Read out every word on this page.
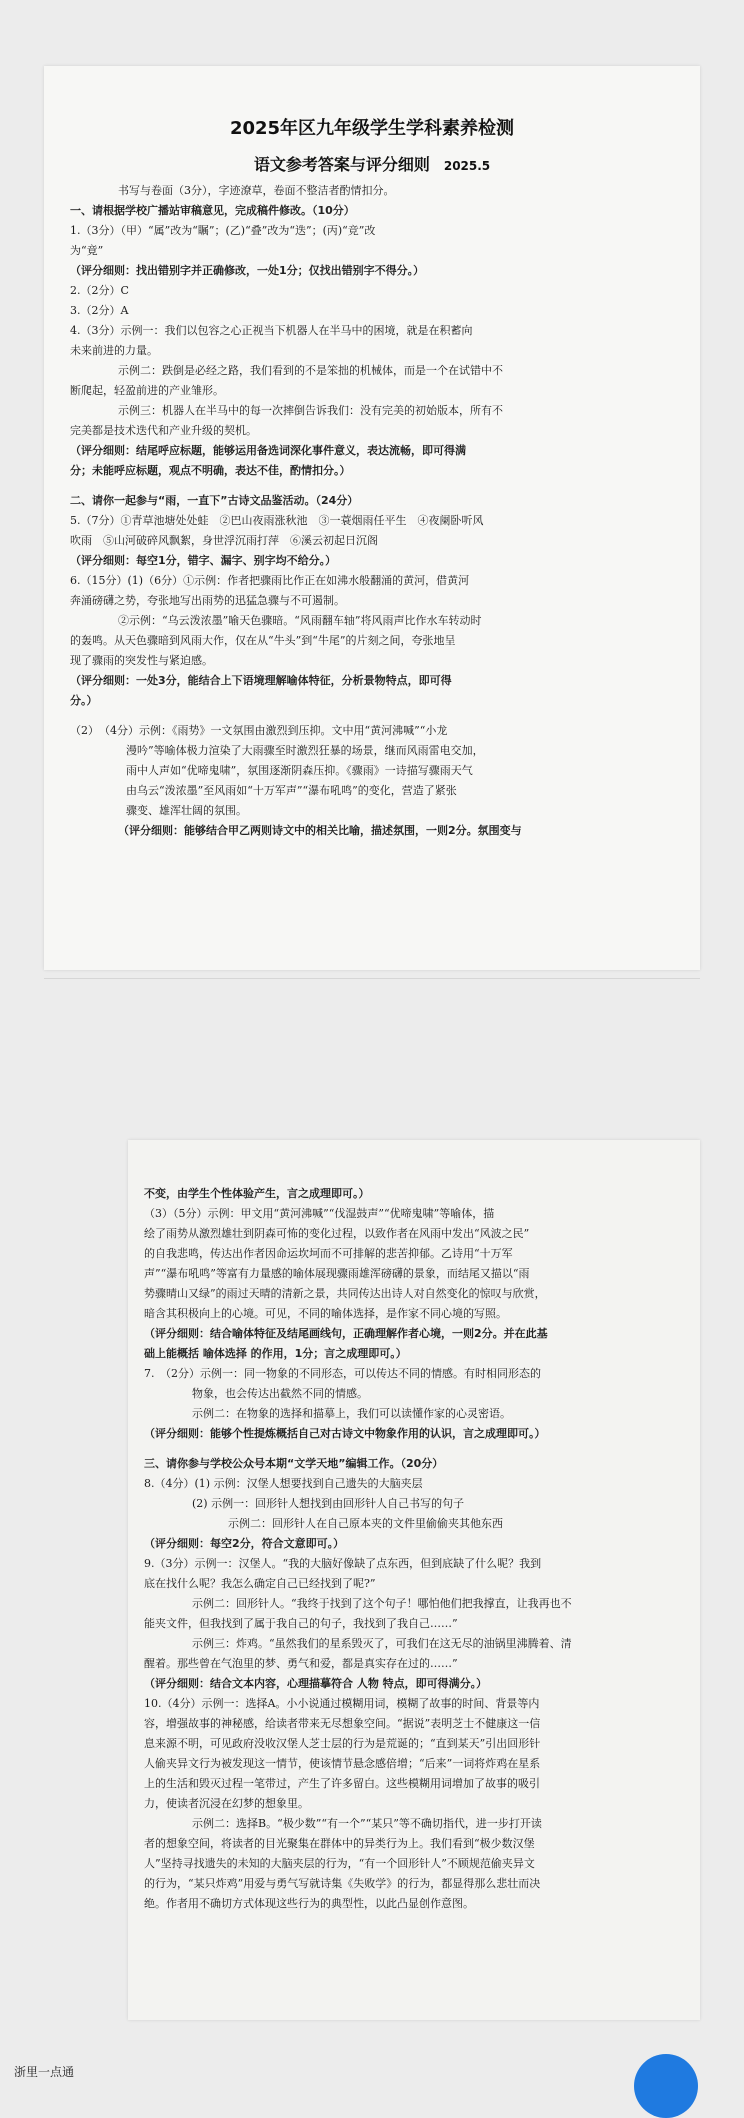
2025年区九年级学生学科素养检测
语文参考答案与评分细则 2025.5

书写与卷面（3分），字迹潦草，卷面不整洁者酌情扣分。

一、请根据学校广播站审稿意见，完成稿件修改。（10分）

1.（3分）（甲）“属”改为“瞩”；(乙)“叠”改为“迭”；(丙)“竞”改

为“竟”

（评分细则：找出错别字并正确修改，一处1分；仅找出错别字不得分。）

2.（2分）C

3.（2分）A

4.（3分）示例一：我们以包容之心正视当下机器人在半马中的困境，就是在积蓄向

未来前进的力量。

示例二：跌倒是必经之路，我们看到的不是笨拙的机械体，而是一个在试错中不

断爬起，轻盈前进的产业雏形。

示例三：机器人在半马中的每一次摔倒告诉我们：没有完美的初始版本，所有不

完美都是技术迭代和产业升级的契机。

（评分细则：结尾呼应标题，能够运用备选词深化事件意义，表达流畅，即可得满

分；未能呼应标题，观点不明确，表达不佳，酌情扣分。）

二、请你一起参与“雨，一直下”古诗文品鉴活动。（24分）

5.（7分）①青草池塘处处蛙　②巴山夜雨涨秋池　③一蓑烟雨任平生　④夜阑卧听风

吹雨　⑤山河破碎风飘絮，身世浮沉雨打萍　⑥溪云初起日沉阁

（评分细则：每空1分，错字、漏字、别字均不给分。）

6.（15分）(1)（6分）①示例：作者把骤雨比作正在如沸水般翻涌的黄河，借黄河

奔涌磅礴之势，夸张地写出雨势的迅猛急骤与不可遏制。

②示例：“乌云泼浓墨”喻天色骤暗。“风雨翻车轴”将风雨声比作水车转动时

的轰鸣。从天色骤暗到风雨大作，仅在从“牛头”到“牛尾”的片刻之间，夸张地呈

现了骤雨的突发性与紧迫感。

（评分细则：一处3分，能结合上下语境理解喻体特征，分析景物特点，即可得

分。）

（2）　（4分）示例：《雨势》一文氛围由激烈到压抑。文中用“黄河沸喊”“小龙

漫吟”等喻体极力渲染了大雨骤至时激烈狂暴的场景，继而风雨雷电交加，

雨中人声如“优啼鬼啸”，氛围逐渐阴森压抑。《骤雨》一诗描写骤雨天气

由乌云“泼浓墨”至风雨如“十万军声”“瀑布吼鸣”的变化，营造了紧张

骤变、雄浑壮阔的氛围。

（评分细则：能够结合甲乙两则诗文中的相关比喻，描述氛围，一则2分。氛围变与

不变，由学生个性体验产生，言之成理即可。）

（3）（5分）示例：甲文用“黄河沸喊”“伐湿鼓声”“优啼鬼啸”等喻体，描

绘了雨势从激烈雄壮到阴森可怖的变化过程，以致作者在风雨中发出“风波之民”

的自我悲鸣，传达出作者因命运坎坷而不可排解的悲苦抑郁。乙诗用“十万军

声”“瀑布吼鸣”等富有力量感的喻体展现骤雨雄浑磅礴的景象，而结尾又描以“雨

势骤晴山又绿”的雨过天晴的清新之景，共同传达出诗人对自然变化的惊叹与欣赏，

暗含其积极向上的心境。可见，不同的喻体选择，是作家不同心境的写照。

（评分细则：结合喻体特征及结尾画线句，正确理解作者心境，一则2分。并在此基

础上能概括 喻体选择 的作用，1分；言之成理即可。）

7.　（2分）示例一：同一物象的不同形态，可以传达不同的情感。有时相同形态的

物象，也会传达出截然不同的情感。

示例二：在物象的选择和描摹上，我们可以读懂作家的心灵密语。

（评分细则：能够个性提炼概括自己对古诗文中物象作用的认识，言之成理即可。）

三、请你参与学校公众号本期“文学天地”编辑工作。（20分）

8.（4分）(1) 示例：汉堡人想要找到自己遗失的大脑夹层

(2) 示例一：回形针人想找到由回形针人自己书写的句子

示例二：回形针人在自己原本夹的文件里偷偷夹其他东西

（评分细则：每空2分，符合文意即可。）

9.（3分）示例一：汉堡人。“我的大脑好像缺了点东西，但到底缺了什么呢？我到

底在找什么呢？我怎么确定自己已经找到了呢?”

示例二：回形针人。“我终于找到了这个句子！哪怕他们把我撑直，让我再也不

能夹文件，但我找到了属于我自己的句子，我找到了我自己……”

示例三：炸鸡。“虽然我们的星系毁灭了，可我们在这无尽的油锅里沸腾着、清

醒着。那些曾在气泡里的梦、勇气和爱，都是真实存在过的……”

（评分细则：结合文本内容，心理描摹符合 人物 特点，即可得满分。）

10.（4分）示例一：选择A。小小说通过模糊用词，模糊了故事的时间、背景等内

容，增强故事的神秘感，给读者带来无尽想象空间。“据说”表明芝士不健康这一信

息来源不明，可见政府没收汉堡人芝士层的行为是荒诞的；“直到某天”引出回形针

人偷夹异文行为被发现这一情节，使该情节悬念感倍增；“后来”一词将炸鸡在星系

上的生活和毁灭过程一笔带过，产生了许多留白。这些模糊用词增加了故事的吸引

力，使读者沉浸在幻梦的想象里。

示例二：选择B。“极少数”“有一个”“某只”等不确切指代，进一步打开读

者的想象空间，将读者的目光聚集在群体中的异类行为上。我们看到“极少数汉堡

人”坚持寻找遗失的未知的大脑夹层的行为，“有一个回形针人”不顾规范偷夹异文

的行为，“某只炸鸡”用爱与勇气写就诗集《失败学》的行为，都显得那么悲壮而决

绝。作者用不确切方式体现这些行为的典型性，以此凸显创作意图。

浙里一点通
